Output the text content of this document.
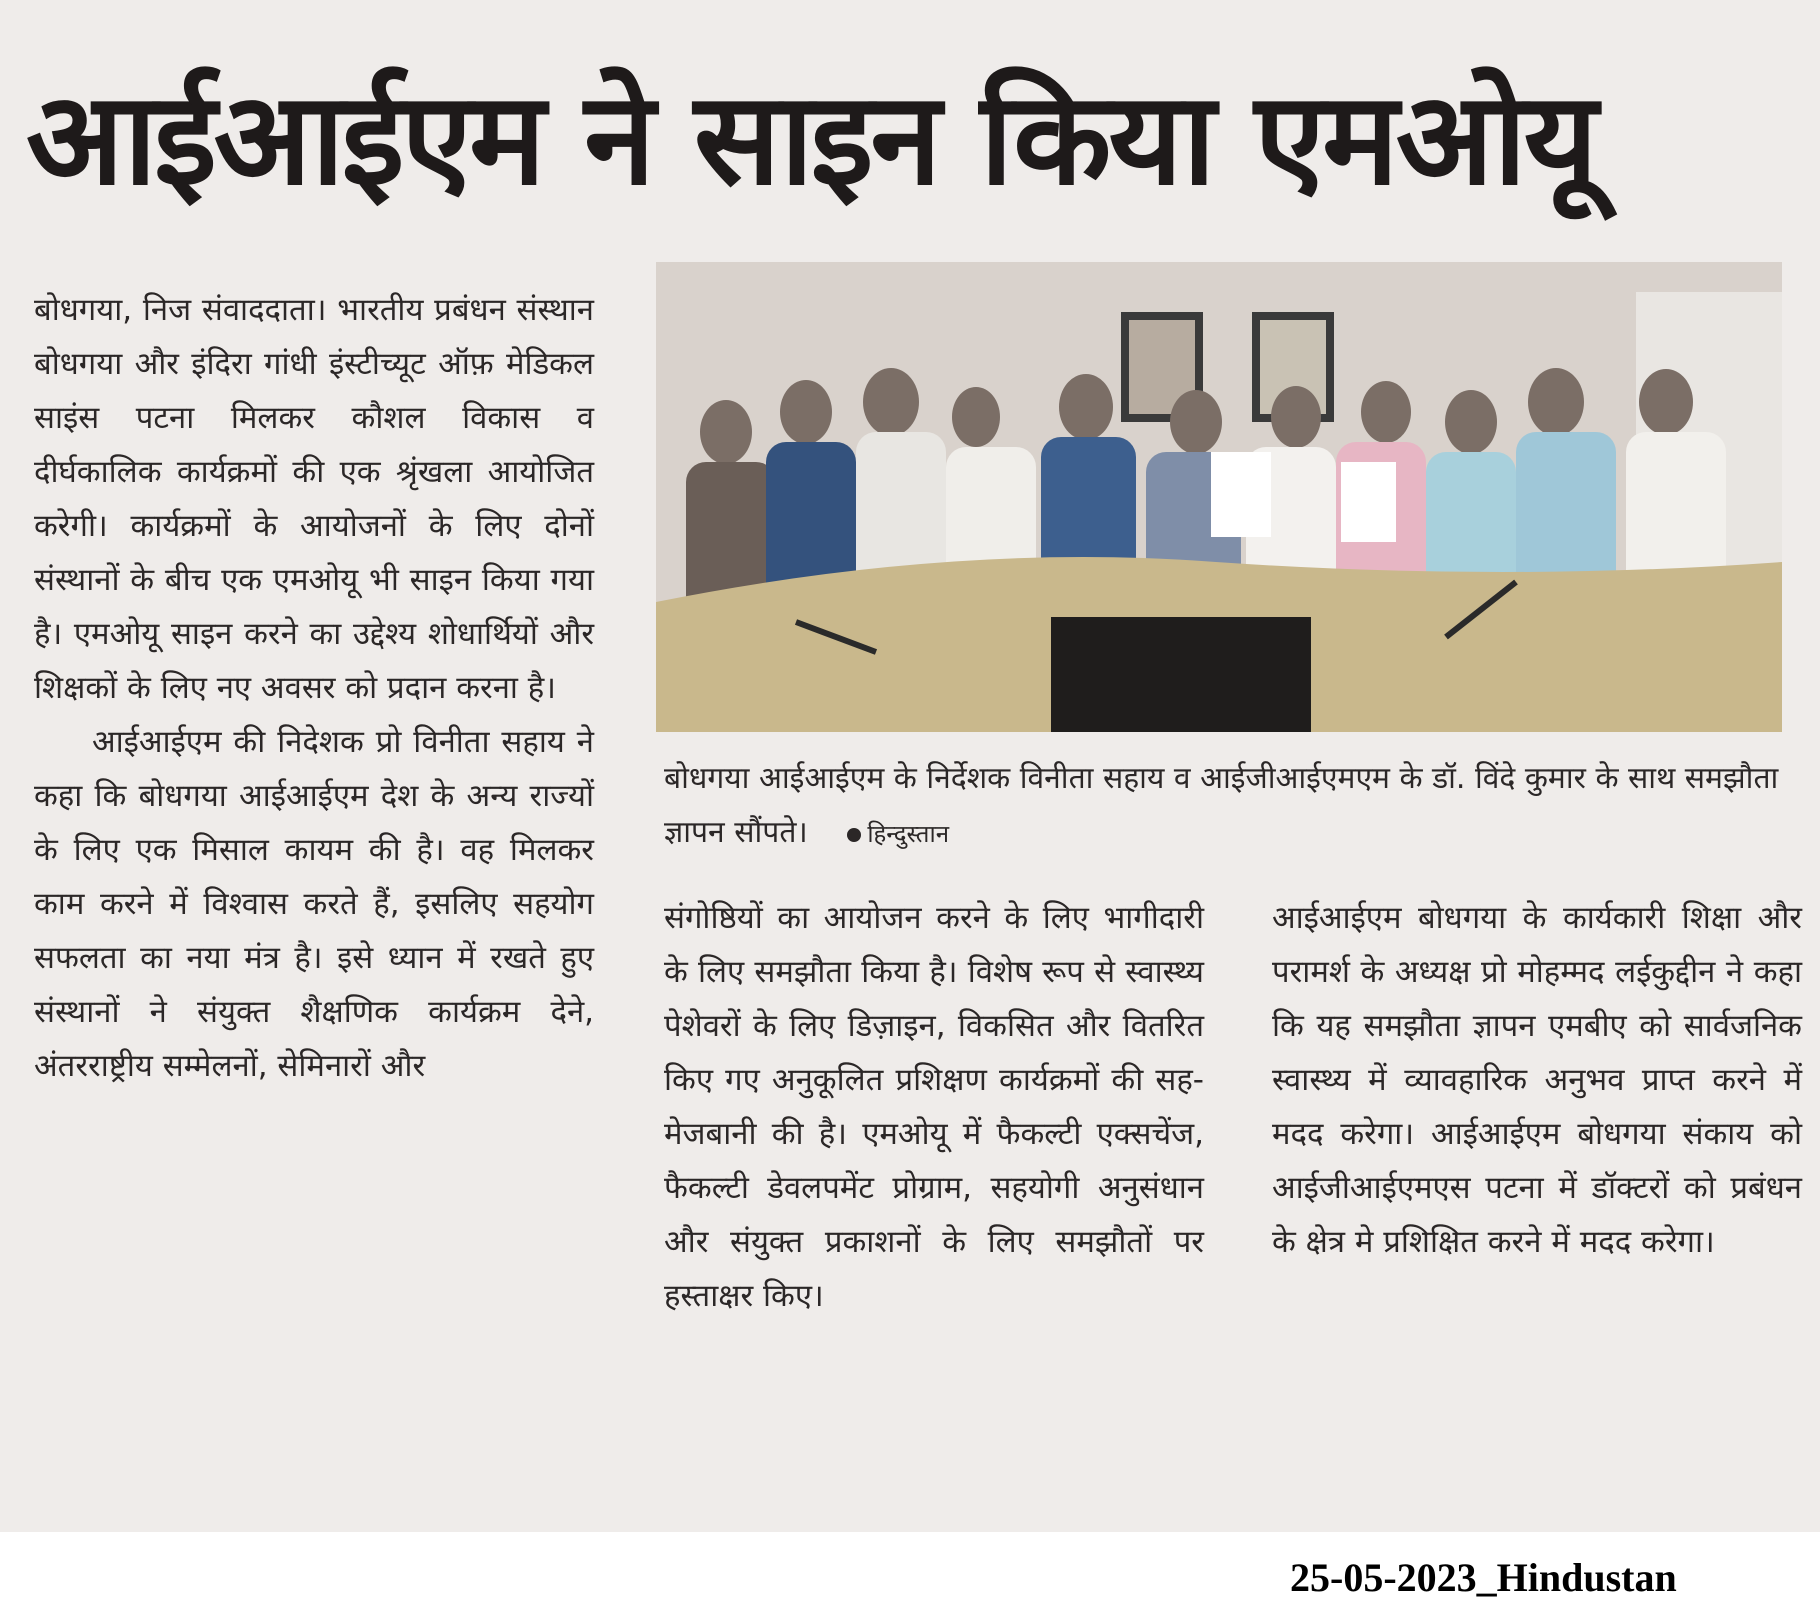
आईआईएम ने साइन किया एमओयू

बोधगया, निज संवाददाता। भारतीय प्रबंधन संस्थान बोधगया और इंदिरा गांधी इंस्टीच्यूट ऑफ़ मेडिकल साइंस पटना मिलकर कौशल विकास व दीर्घकालिक कार्यक्रमों की एक श्रृंखला आयोजित करेगी। कार्यक्रमों के आयोजनों के लिए दोनों संस्थानों के बीच एक एमओयू भी साइन किया गया है। एमओयू साइन करने का उद्देश्य शोधार्थियों और शिक्षकों के लिए नए अवसर को प्रदान करना है।

आईआईएम की निदेशक प्रो विनीता सहाय ने कहा कि बोधगया आईआईएम देश के अन्य राज्यों के लिए एक मिसाल कायम की है। वह मिलकर काम करने में विश्वास करते हैं, इसलिए सहयोग सफलता का नया मंत्र है। इसे ध्यान में रखते हुए संस्थानों ने संयुक्त शैक्षणिक कार्यक्रम देने, अंतरराष्ट्रीय सम्मेलनों, सेमिनारों और

बोधगया आईआईएम के निर्देशक विनीता सहाय व आईजीआईएमएम के डॉ. विंदे कुमार के साथ समझौता ज्ञापन सौंपते। हिन्दुस्तान

संगोष्ठियों का आयोजन करने के लिए भागीदारी के लिए समझौता किया है। विशेष रूप से स्वास्थ्य पेशेवरों के लिए डिज़ाइन, विकसित और वितरित किए गए अनुकूलित प्रशिक्षण कार्यक्रमों की सह-मेजबानी की है। एमओयू में फैकल्टी एक्सचेंज, फैकल्टी डेवलपमेंट प्रोग्राम, सहयोगी अनुसंधान और संयुक्त प्रकाशनों के लिए समझौतों पर हस्ताक्षर किए।

आईआईएम बोधगया के कार्यकारी शिक्षा और परामर्श के अध्यक्ष प्रो मोहम्मद लईकुद्दीन ने कहा कि यह समझौता ज्ञापन एमबीए को सार्वजनिक स्वास्थ्य में व्यावहारिक अनुभव प्राप्त करने में मदद करेगा। आईआईएम बोधगया संकाय को आईजीआईएमएस पटना में डॉक्टरों को प्रबंधन के क्षेत्र मे प्रशिक्षित करने में मदद करेगा।

25-05-2023_Hindustan
